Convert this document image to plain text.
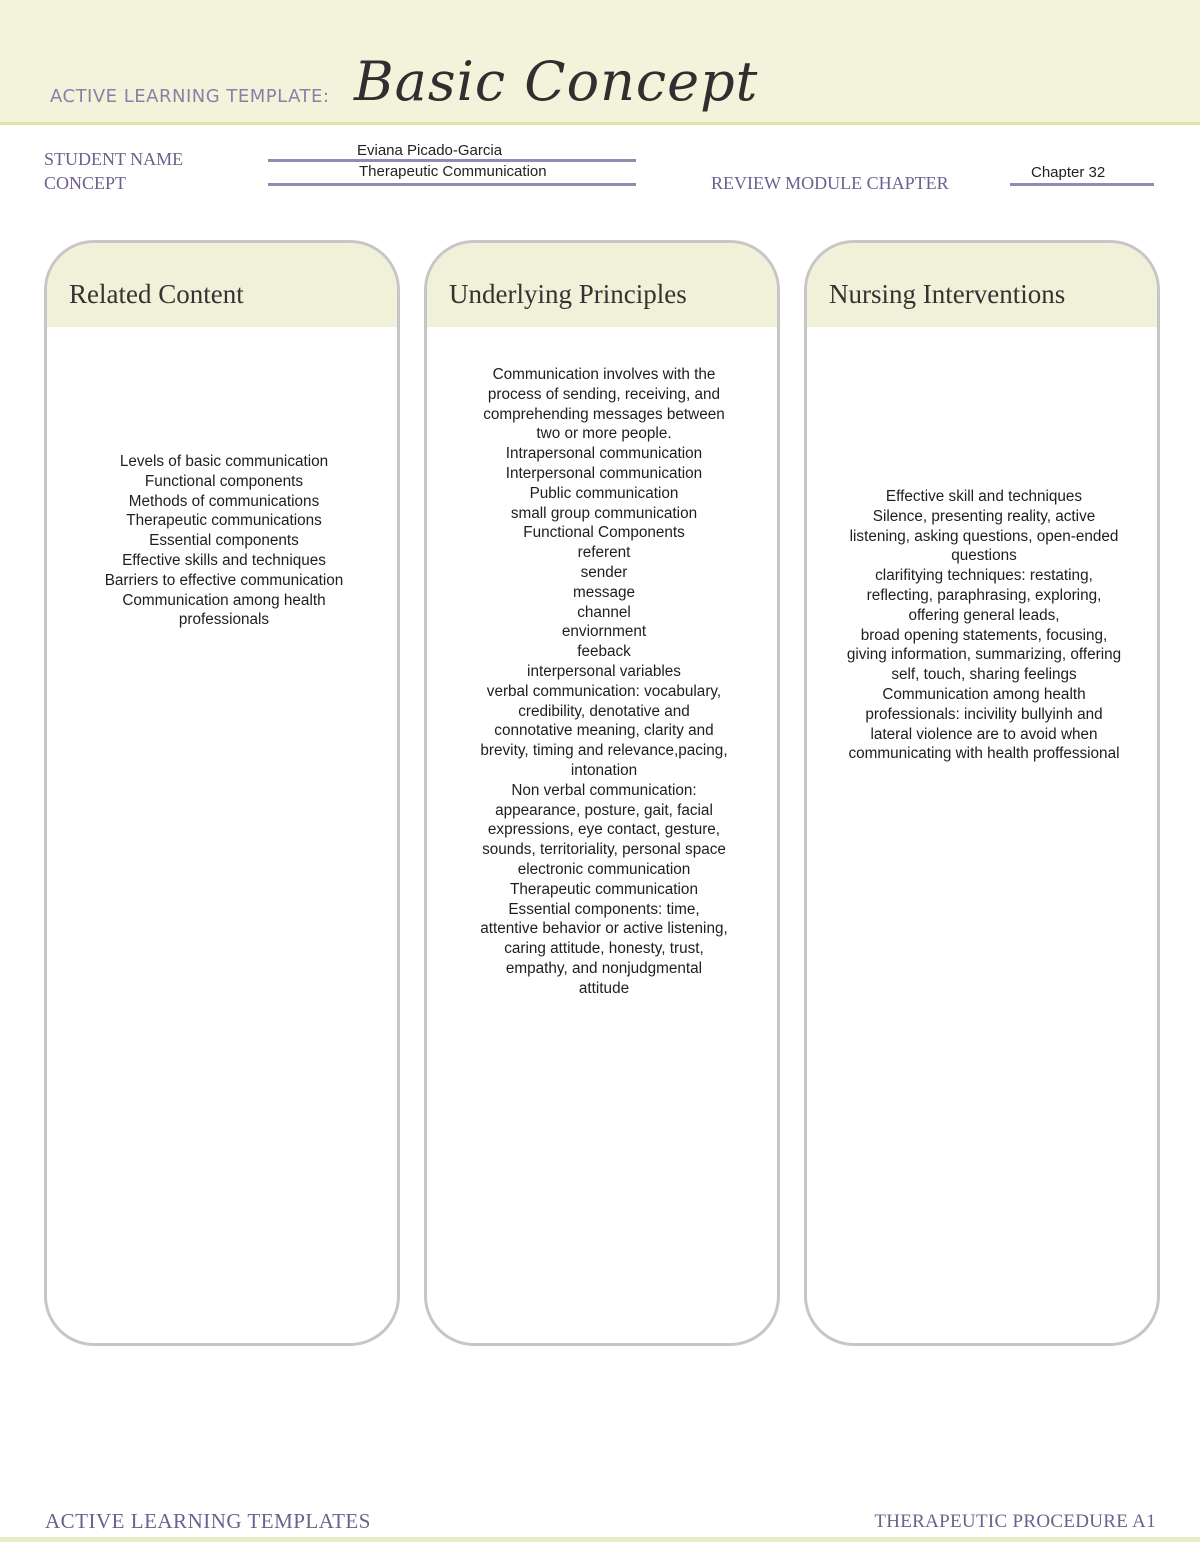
ACTIVE LEARNING TEMPLATE: Basic Concept
STUDENT NAME	Eviana Picado-Garcia
CONCEPT
Therapeutic Communication
REVIEW MODULE CHAPTER
Chapter 32
Related Content
Levels of basic communication
Functional components
Methods of communications
Therapeutic communications
Essential components
Effective skills and techniques
Barriers to effective communication
Communication among health
professionals
Underlying Principles
Communication involves with the
process of sending, receiving, and
comprehending messages between
two or more people.
Intrapersonal communication
Interpersonal communication
Public communication
small group communication
Functional Components
referent
sender
message
channel
enviornment
feeback
interpersonal variables
verbal communication: vocabulary,
credibility, denotative and
connotative meaning, clarity and
brevity, timing and relevance,pacing,
intonation
Non verbal communication:
appearance, posture, gait, facial
expressions, eye contact, gesture,
sounds, territoriality, personal space
electronic communication
Therapeutic communication
Essential components: time,
attentive behavior or active listening,
caring attitude, honesty, trust,
empathy, and nonjudgmental
attitude
Nursing Interventions
Effective skill and techniques
Silence, presenting reality, active
listening, asking questions, open-ended
questions
clarifitying techniques: restating,
reflecting, paraphrasing, exploring,
offering general leads,
broad opening statements, focusing,
giving information, summarizing, offering
self, touch, sharing feelings
Communication among health
professionals: incivility bullyinh and
lateral violence are to avoid when
communicating with health proffessional
ACTIVE LEARNING TEMPLATES	THERAPEUTIC PROCEDURE A1
